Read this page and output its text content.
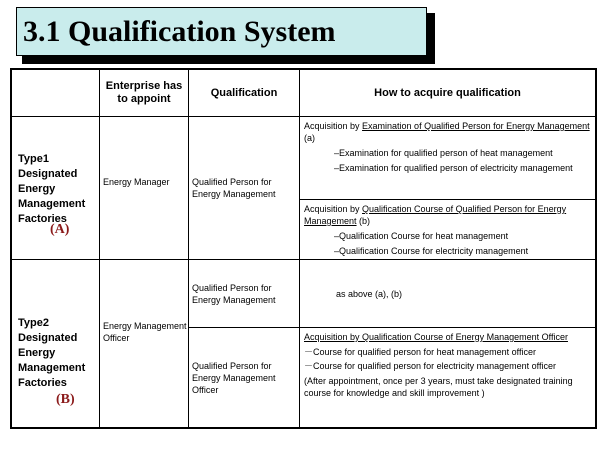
3.1 Qualification System
Enterprise has to appoint
Qualification	How to acquire qualification
Type1 Designated Energy Management Factories
(A)
Energy Manager	Qualified Person for Energy Management
Acquisition by Examination of Qualified Person for Energy Management (a)
–Examination for qualified person of heat management
–Examination for qualified person of electricity management
Acquisition by Qualification Course of Qualified Person for Energy Management (b)
–Qualification Course for heat management
–Qualification Course for electricity management
Type2 Designated Energy Management Factories
(B)
Energy Management Officer
Qualified Person for Energy Management
as above (a), (b)
Qualified Person for Energy Management Officer
Acquisition by Qualification Course of Energy Management Officer
－Course for qualified person for heat management officer
－Course for qualified person for electricity management officer
(After appointment, once per 3 years, must take designated training course for knowledge and skill improvement )
